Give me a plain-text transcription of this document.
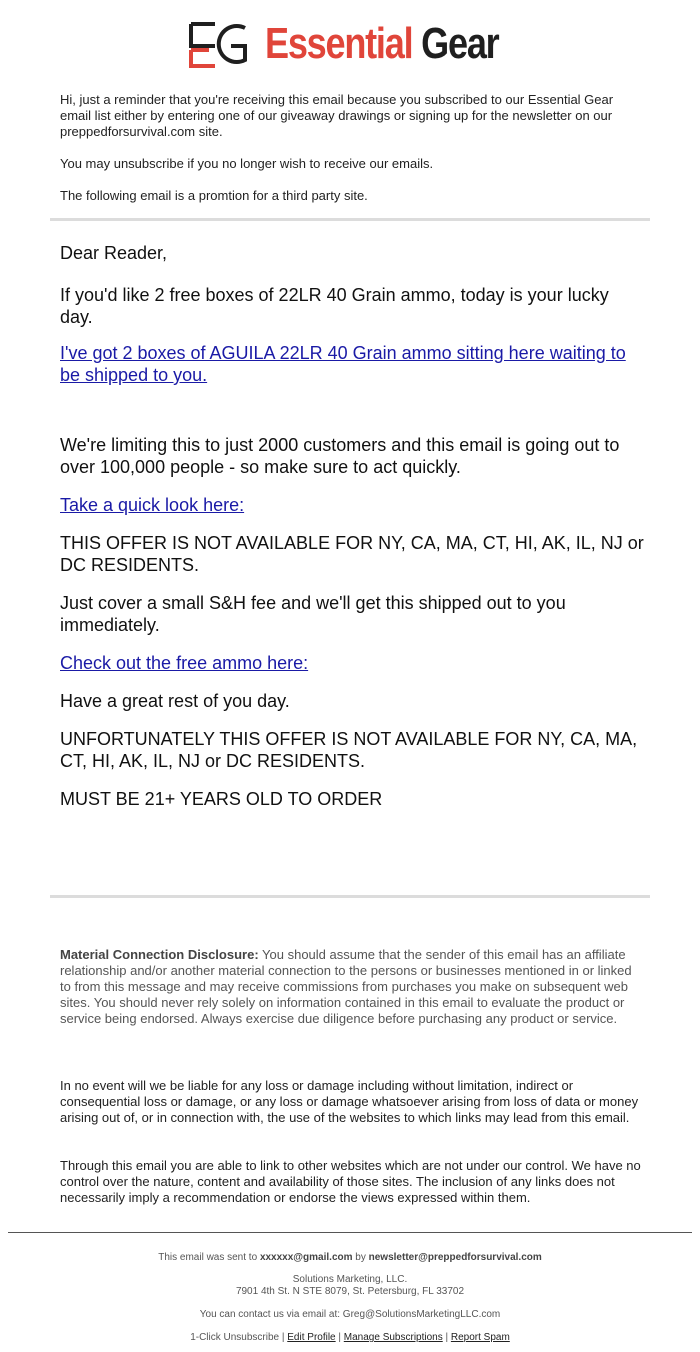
Essential Gear

Hi, just a reminder that you're receiving this email because you subscribed to our Essential Gear email list either by entering one of our giveaway drawings or signing up for the newsletter on our preppedforsurvival.com site.

You may unsubscribe if you no longer wish to receive our emails.

The following email is a promtion for a third party site.

Dear Reader,

If you'd like 2 free boxes of 22LR 40 Grain ammo, today is your lucky day.

I've got 2 boxes of AGUILA 22LR 40 Grain ammo sitting here waiting to be shipped to you.

We're limiting this to just 2000 customers and this email is going out to over 100,000 people - so make sure to act quickly.

Take a quick look here:

THIS OFFER IS NOT AVAILABLE FOR NY, CA, MA, CT, HI, AK, IL, NJ or DC RESIDENTS.

Just cover a small S&H fee and we'll get this shipped out to you immediately.

Check out the free ammo here:

Have a great rest of you day.

UNFORTUNATELY THIS OFFER IS NOT AVAILABLE FOR NY, CA, MA, CT, HI, AK, IL, NJ or DC RESIDENTS.

MUST BE 21+ YEARS OLD TO ORDER

Material Connection Disclosure: You should assume that the sender of this email has an affiliate relationship and/or another material connection to the persons or businesses mentioned in or linked to from this message and may receive commissions from purchases you make on subsequent web sites. You should never rely solely on information contained in this email to evaluate the product or service being endorsed. Always exercise due diligence before purchasing any product or service.
In no event will we be liable for any loss or damage including without limitation, indirect or consequential loss or damage, or any loss or damage whatsoever arising from loss of data or money arising out of, or in connection with, the use of the websites to which links may lead from this email.
Through this email you are able to link to other websites which are not under our control. We have no control over the nature, content and availability of those sites. The inclusion of any links does not necessarily imply a recommendation or endorse the views expressed within them.
This email was sent to xxxxxx@gmail.com by newsletter@preppedforsurvival.com
Solutions Marketing, LLC.
7901 4th St. N STE 8079, St. Petersburg, FL 33702
You can contact us via email at: Greg@SolutionsMarketingLLC.com
1-Click Unsubscribe | Edit Profile | Manage Subscriptions | Report Spam
